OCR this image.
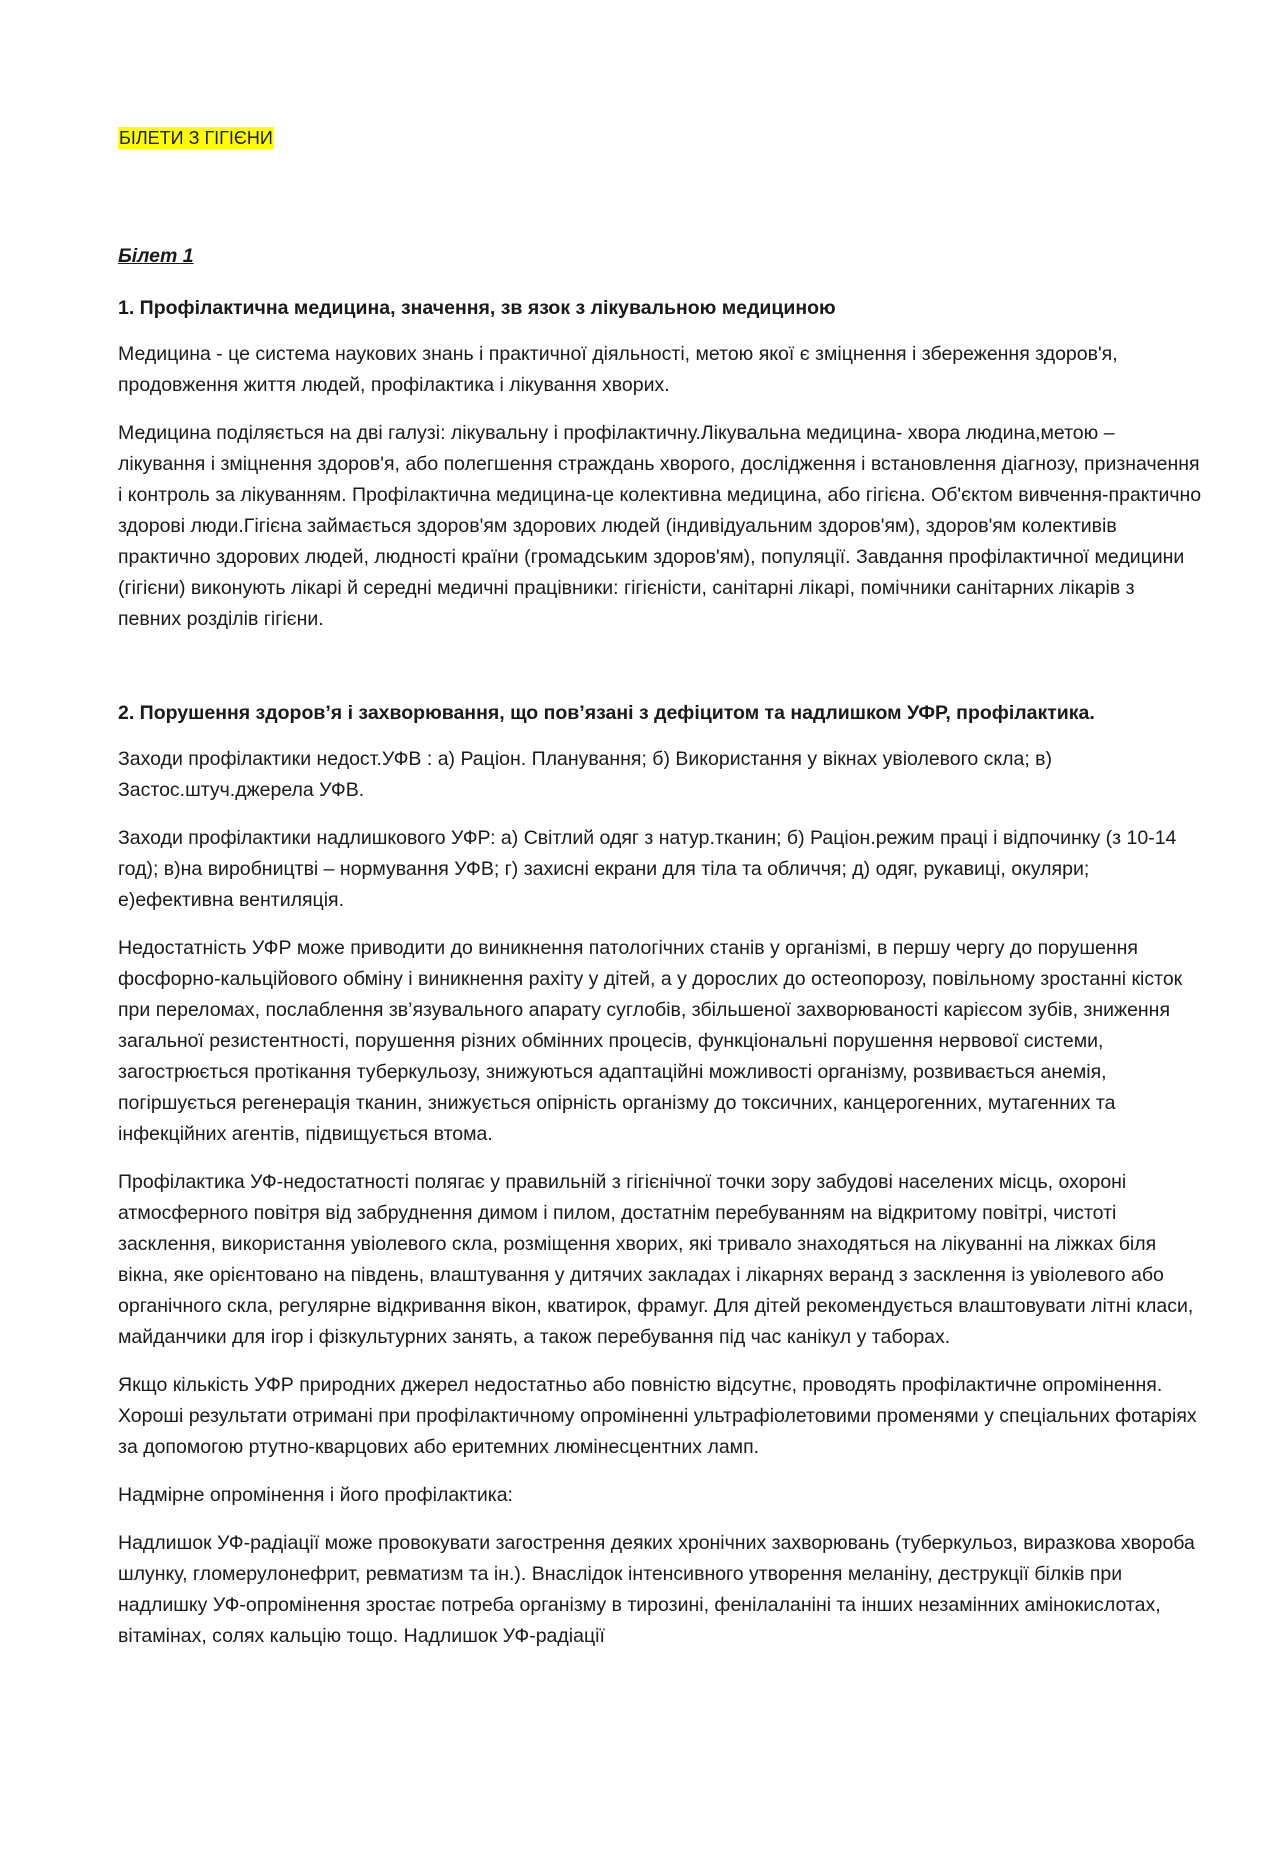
БІЛЕТИ З ГІГІЄНИ

Білет 1

1. Профілактична медицина, значення, зв язок з лікувальною медициною

Медицина - це система наукових знань і практичної діяльності, метою якої є зміцнення і збереження здоров'я, продовження життя людей, профілактика і лікування хворих.

Медицина поділяється на дві галузі: лікувальну і профілактичну.Лікувальна медицина- хвора людина,метою – лікування і зміцнення здоров'я, або полегшення страждань хворого, дослідження і встановлення діагнозу, призначення і контроль за лікуванням. Профілактична медицина-це колективна медицина, або гігієна. Об'єктом вивчення-практично здорові люди.Гігієна займається здоров'ям здорових людей (індивідуальним здоров'ям), здоров'ям колективів практично здорових людей, людності країни (громадським здоров'ям), популяції. Завдання профілактичної медицини (гігієни) виконують лікарі й середні медичні працівники: гігієністи, санітарні лікарі, помічники санітарних лікарів з певних розділів гігієни.

2. Порушення здоров’я і захворювання, що пов’язані з дефіцитом та надлишком УФР, профілактика.

Заходи профілактики недост.УФВ : а) Раціон. Планування; б) Використання у вікнах увіолевого скла; в) Застос.штуч.джерела УФВ.

Заходи профілактики надлишкового УФР: а) Світлий одяг з натур.тканин; б) Раціон.режим праці і відпочинку (з 10-14 год); в)на виробництві – нормування УФВ; г) захисні екрани для тіла та обличчя; д) одяг, рукавиці, окуляри; е)ефективна вентиляція.

Недостатність УФР може приводити до виникнення патологічних станів у організмі, в першу чергу до порушення фосфорно-кальційового обміну і виникнення рахіту у дітей, а у дорослих до остеопорозу, повільному зростанні кісток при переломах, послаблення зв’язувального апарату суглобів, збільшеної захворюваності карієсом зубів, зниження загальної резистентності, порушення різних обмінних процесів, функціональні порушення нервової системи, загострюється протікання туберкульозу, знижуються адаптаційні можливості організму, розвивається анемія, погіршується регенерація тканин, знижується опірність організму до токсичних, канцерогенних, мутагенних та інфекційних агентів, підвищується втома.

Профілактика УФ-недостатності полягає у правильній з гігієнічної точки зору забудові населених місць, охороні атмосферного повітря від забруднення димом і пилом, достатнім перебуванням на відкритому повітрі, чистоті засклення, використання увіолевого скла, розміщення хворих, які тривало знаходяться на лікуванні на ліжках біля вікна, яке орієнтовано на південь, влаштування у дитячих закладах і лікарнях веранд з засклення із увіолевого або органічного скла, регулярне відкривання вікон, кватирок, фрамуг. Для дітей рекомендується влаштовувати літні класи, майданчики для ігор і фізкультурних занять, а також перебування під час канікул у таборах.

Якщо кількість УФР природних джерел недостатньо або повністю відсутнє, проводять профілактичне опромінення. Хороші результати отримані при профілактичному опроміненні ультрафіолетовими променями у спеціальних фотаріях за допомогою ртутно-кварцових або еритемних люмінесцентних ламп.

Надмірне опромінення і його профілактика:

Надлишок УФ-радіації може провокувати загострення деяких хронічних захворювань (туберкульоз, виразкова хвороба шлунку, гломерулонефрит, ревматизм та ін.). Внаслідок інтенсивного утворення меланіну, деструкції білків при надлишку УФ-опромінення зростає потреба організму в тирозині, фенілаланіні та інших незамінних амінокислотах, вітамінах, солях кальцію тощо. Надлишок УФ-радіації
